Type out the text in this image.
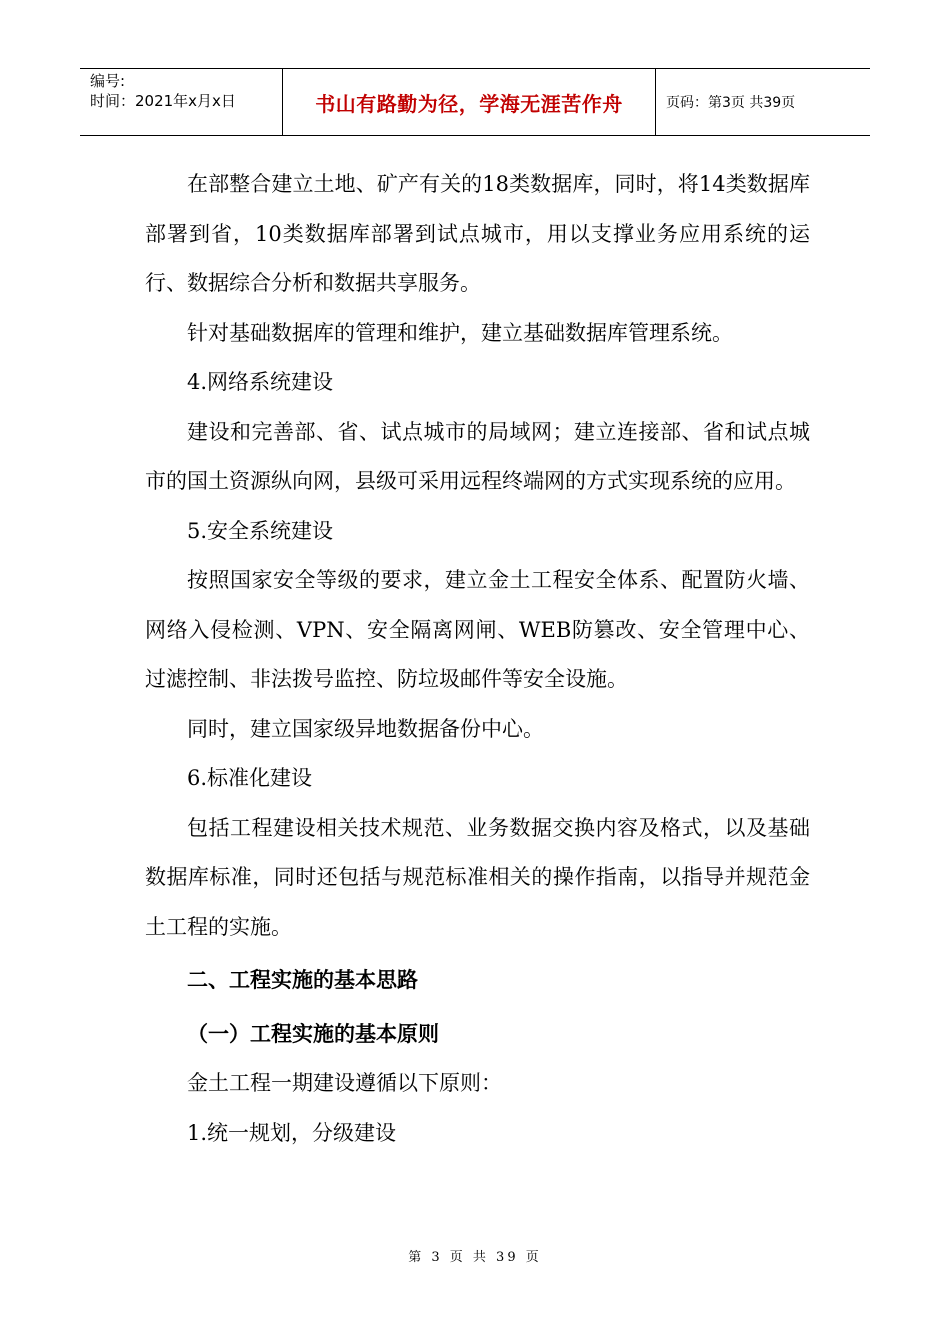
编号:
时间：2021年x月x日	书山有路勤为径，学海无涯苦作舟	页码：第3页 共39页

在部整合建立土地、矿产有关的18类数据库，同时，将14类数据库部署到省，10类数据库部署到试点城市，用以支撑业务应用系统的运行、数据综合分析和数据共享服务。

针对基础数据库的管理和维护，建立基础数据库管理系统。

4.网络系统建设

建设和完善部、省、试点城市的局域网；建立连接部、省和试点城市的国土资源纵向网，县级可采用远程终端网的方式实现系统的应用。

5.安全系统建设

按照国家安全等级的要求，建立金土工程安全体系、配置防火墙、网络入侵检测、VPN、安全隔离网闸、WEB防篡改、安全管理中心、过滤控制、非法拨号监控、防垃圾邮件等安全设施。

同时，建立国家级异地数据备份中心。

6.标准化建设

包括工程建设相关技术规范、业务数据交换内容及格式，以及基础数据库标准，同时还包括与规范标准相关的操作指南，以指导并规范金土工程的实施。

二、工程实施的基本思路

（一）工程实施的基本原则

金土工程一期建设遵循以下原则：

1.统一规划，分级建设

第 3 页 共 39 页
